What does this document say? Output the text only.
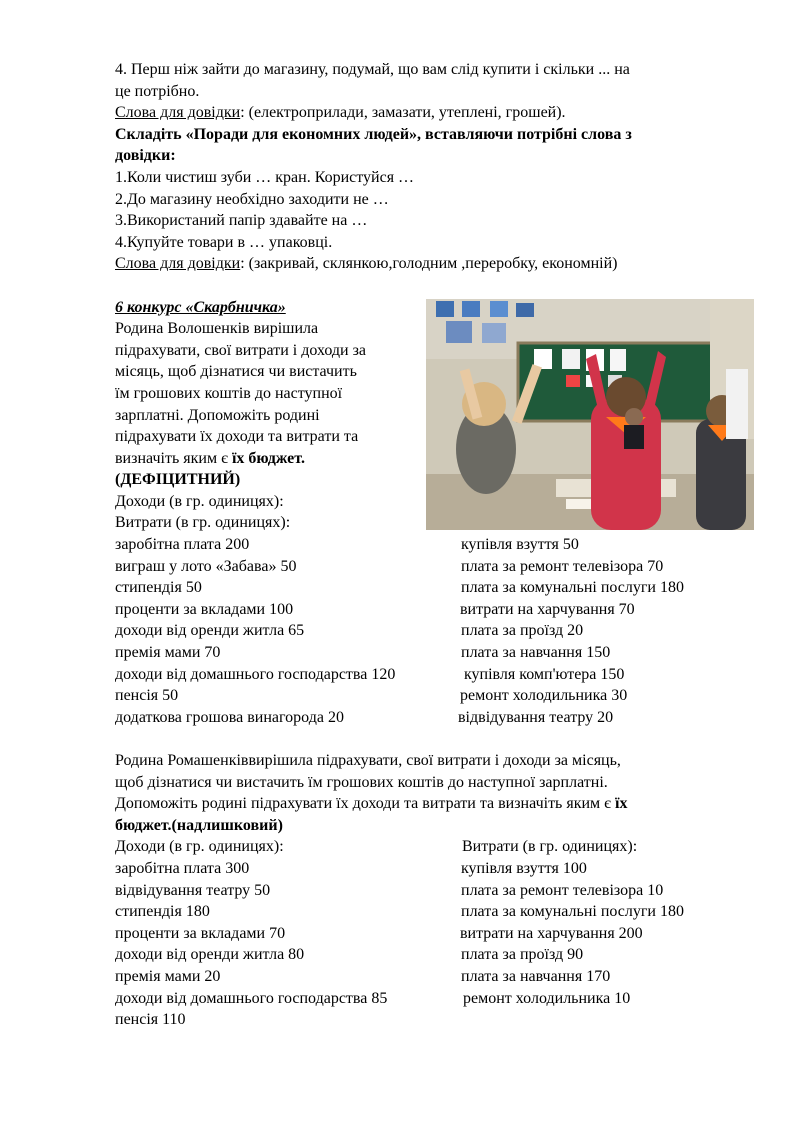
4. Перш ніж зайти до магазину, подумай, що вам слід купити і скільки ... на
це потрібно.
Слова для довідки: (електроприлади, замазати, утеплені, грошей).
Складіть «Поради для економних людей», вставляючи потрібні слова з
довідки:
1.Коли чистиш зуби … кран. Користуйся …
2.До магазину необхідно заходити не …
3.Використаний папір здавайте на …
4.Купуйте товари в … упаковці.
Слова для довідки: (закривай, склянкою,голодним ,переробку, економній)
6 конкурс «Скарбничка»
Родина Волошенків вирішила
підрахувати, свої витрати і доходи за
місяць, щоб дізнатися чи вистачить
їм грошових коштів до наступної
зарплатні. Допоможіть родині
підрахувати їх доходи та витрати та
визначіть яким є їх бюджет.
(ДЕФІЦИТНИЙ)
Доходи (в гр. одиницях):
Витрати (в гр. одиницях):
заробітна плата 200	купівля взуття 50
виграш у лото «Забава» 50	плата за ремонт телевізора 70
стипендія 50	плата за комунальні послуги 180
проценти за вкладами 100	витрати на харчування 70
доходи від оренди житла 65	плата за проїзд 20
премія мами 70	плата за навчання 150
доходи від домашнього господарства 120	купівля комп'ютера 150
пенсія 50	ремонт холодильника 30
додаткова грошова винагорода 20	відвідування театру 20
Родина Ромашенківвирішила підрахувати, свої витрати і доходи за місяць,
щоб дізнатися чи вистачить їм грошових коштів до наступної зарплатні.
Допоможіть родині підрахувати їх доходи та витрати та визначіть яким є їх
бюджет.(надлишковий)
Доходи (в гр. одиницях):	Витрати (в гр. одиницях):
заробітна плата 300	купівля взуття 100
відвідування театру 50	плата за ремонт телевізора 10
стипендія 180	плата за комунальні послуги 180
проценти за вкладами 70	витрати на харчування 200
доходи від оренди житла 80	плата за проїзд 90
премія мами 20	плата за навчання 170
доходи від домашнього господарства 85	ремонт холодильника 10
пенсія 110
